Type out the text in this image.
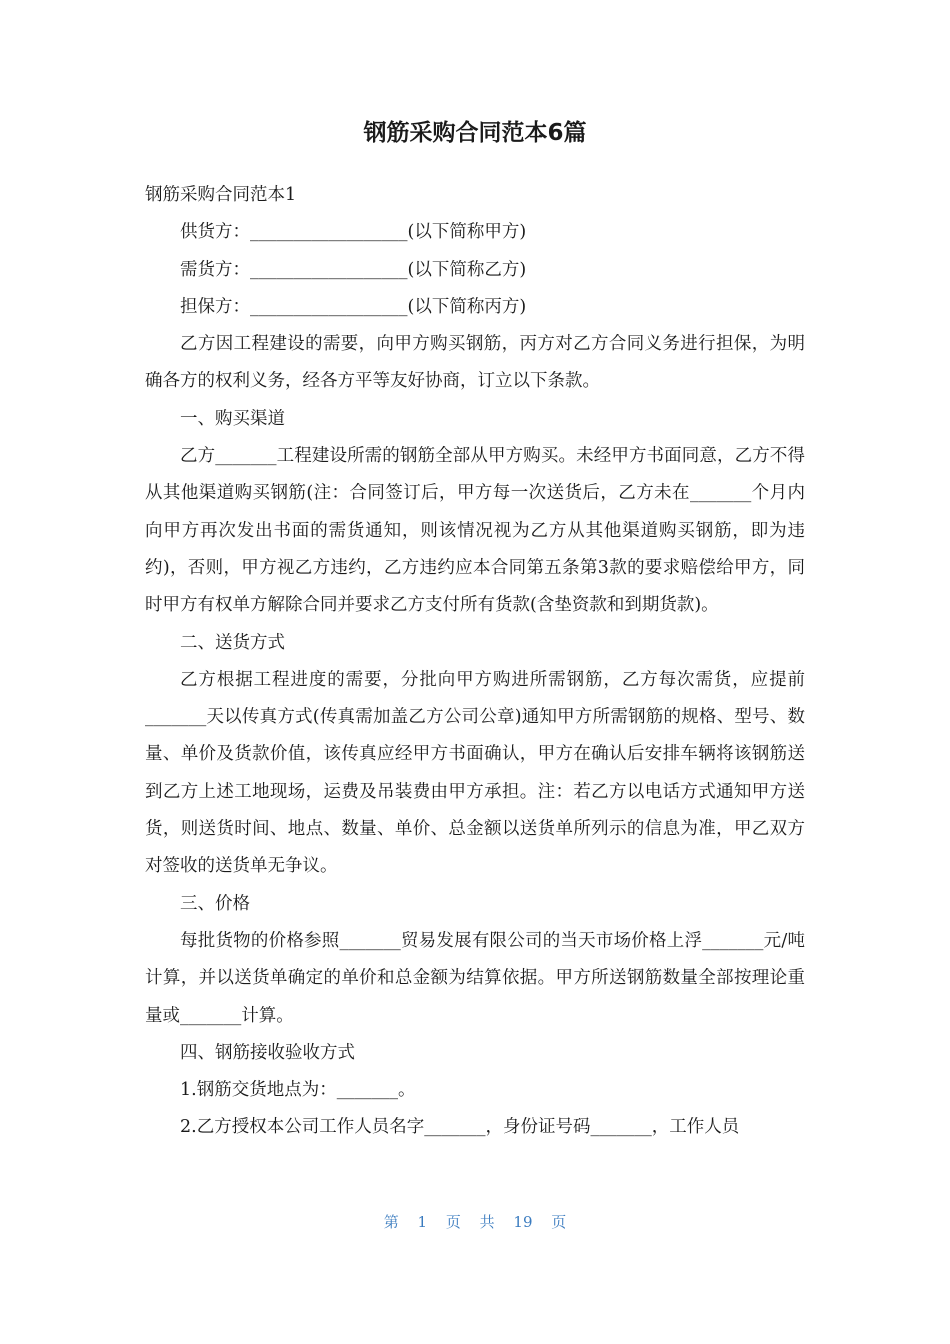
钢筋采购合同范本6篇

钢筋采购合同范本1

供货方：__________________(以下简称甲方)

需货方：__________________(以下简称乙方)

担保方：__________________(以下简称丙方)

乙方因工程建设的需要，向甲方购买钢筋，丙方对乙方合同义务进行担保，为明确各方的权利义务，经各方平等友好协商，订立以下条款。

一、购买渠道

乙方_______工程建设所需的钢筋全部从甲方购买。未经甲方书面同意，乙方不得从其他渠道购买钢筋(注：合同签订后，甲方每一次送货后，乙方未在_______个月内向甲方再次发出书面的需货通知，则该情况视为乙方从其他渠道购买钢筋，即为违约)，否则，甲方视乙方违约，乙方违约应本合同第五条第3款的要求赔偿给甲方，同时甲方有权单方解除合同并要求乙方支付所有货款(含垫资款和到期货款)。

二、送货方式

乙方根据工程进度的需要，分批向甲方购进所需钢筋，乙方每次需货，应提前_______天以传真方式(传真需加盖乙方公司公章)通知甲方所需钢筋的规格、型号、数量、单价及货款价值，该传真应经甲方书面确认，甲方在确认后安排车辆将该钢筋送到乙方上述工地现场，运费及吊装费由甲方承担。注：若乙方以电话方式通知甲方送货，则送货时间、地点、数量、单价、总金额以送货单所列示的信息为准，甲乙双方对签收的送货单无争议。

三、价格

每批货物的价格参照_______贸易发展有限公司的当天市场价格上浮_______元/吨计算，并以送货单确定的单价和总金额为结算依据。甲方所送钢筋数量全部按理论重量或_______计算。

四、钢筋接收验收方式

1.钢筋交货地点为：_______。

2.乙方授权本公司工作人员名字_______，身份证号码_______，工作人员

第 1 页 共 19 页
